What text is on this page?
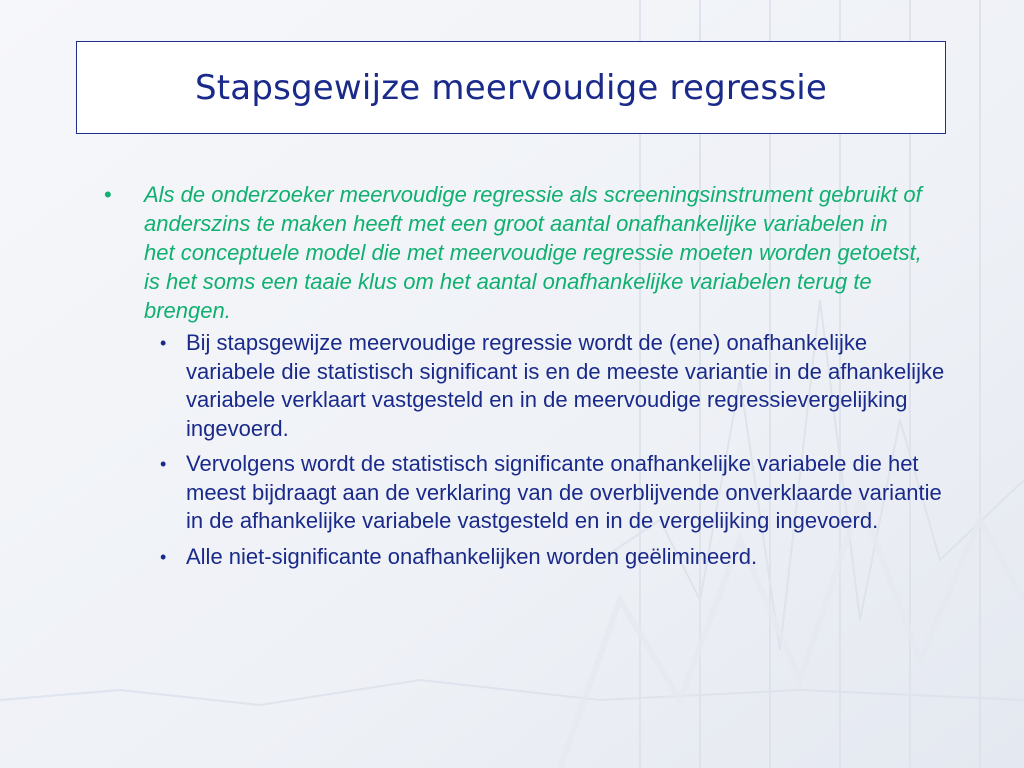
Stapsgewijze meervoudige regressie
•	Als de onderzoeker meervoudige regressie als screeningsinstrument gebruikt of anderszins te maken heeft met een groot aantal onafhankelijke variabelen in het conceptuele model die met meervoudige regressie moeten worden getoetst, is het soms een taaie klus om het aantal onafhankelijke variabelen terug te brengen.
• Bij stapsgewijze meervoudige regressie wordt de (ene) onafhankelijke variabele die statistisch significant is en de meeste variantie in de afhankelijke variabele verklaart vastgesteld en in de meervoudige regressievergelijking ingevoerd.
• Vervolgens wordt de statistisch significante onafhankelijke variabele die het meest bijdraagt aan de verklaring van de overblijvende onverklaarde variantie in de afhankelijke variabele vastgesteld en in de vergelijking ingevoerd.
• Alle niet-significante onafhankelijken worden geëlimineerd.
